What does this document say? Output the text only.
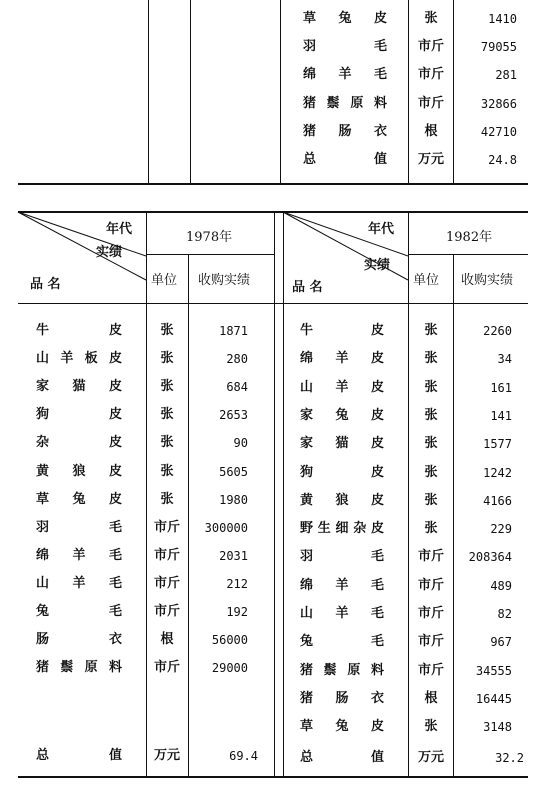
草 兔 皮	张	1410
羽	毛	市斤	79055
绵 羊 毛	市斤	281
猪 鬃 原 料	市斤	32866
猪 肠 衣	根	42710
总	值	万元	24.8
年代
实绩
品 名
1978年
单位 收购实绩
年代
实绩
品 名
1982年
单位 收购实绩
牛	皮	张	1871
山 羊 板 皮	张	280
家 猫 皮	张	684
狗	皮	张	2653
杂	皮	张	90
黄 狼 皮	张	5605
草 兔 皮	张	1980
羽	毛	市斤	300000
绵 羊 毛	市斤	2031
山 羊 毛	市斤	212
兔	毛	市斤	192
肠	衣	根	56000
猪 鬃 原 料	市斤	29000
总	值	万元	69.4
牛	皮	张	2260
绵 羊 皮	张	34
山 羊 皮	张	161
家 兔 皮	张	141
家 猫 皮	张	1577
狗	皮	张	1242
黄 狼 皮	张	4166
野 生 细 杂 皮	张	229
羽	毛	市斤	208364
绵 羊 毛	市斤	489
山 羊 毛	市斤	82
兔	毛	市斤	967
猪 鬃 原 料	市斤	34555
猪 肠 衣	根	16445
草 兔 皮	张	3148
总	值	万元	32.2
